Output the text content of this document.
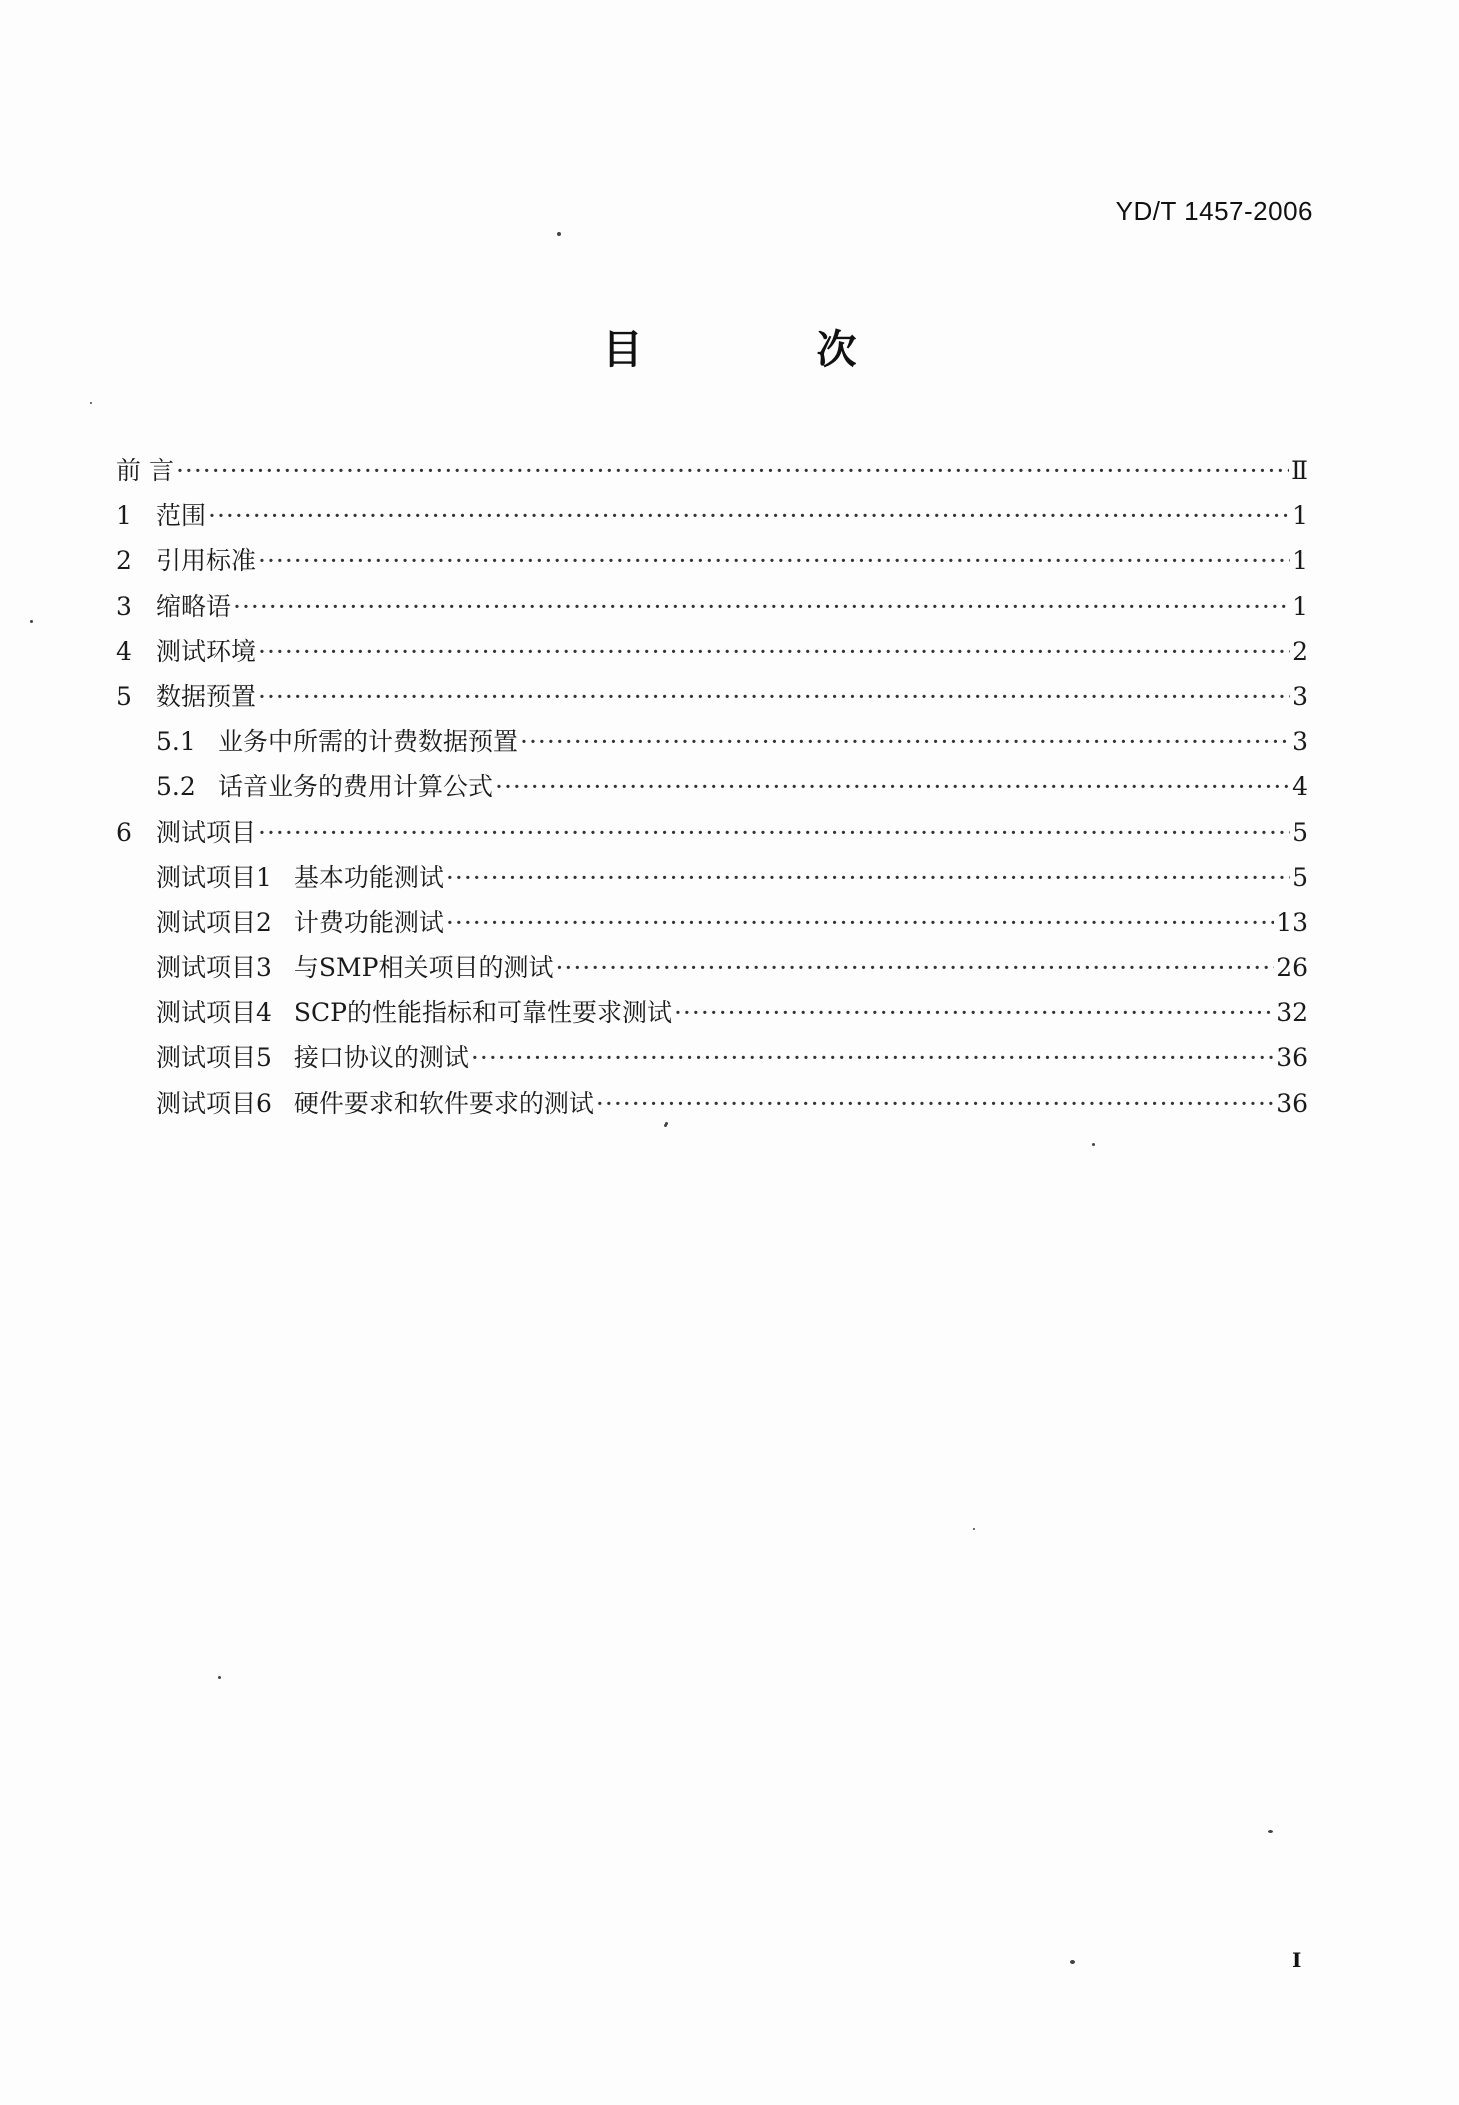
YD/T 1457-2006
目 次
前 言 ·····	Ⅱ
1 范围 ·····	1
2 引用标准 ·····	1
3 缩略语 ·····	1
4 测试环境 ·····	2
5 数据预置 ·····	3
5.1 业务中所需的计费数据预置 ·····	3
5.2 话音业务的费用计算公式 ·····	4
6 测试项目 ·····	5
测试项目1 基本功能测试 ·····	5
测试项目2 计费功能测试 ·····	13
测试项目3 与SMP相关项目的测试 ·····	26
测试项目4 SCP的性能指标和可靠性要求测试 ·····	32
测试项目5 接口协议的测试 ·····	36
测试项目6 硬件要求和软件要求的测试 ·····	36
I
